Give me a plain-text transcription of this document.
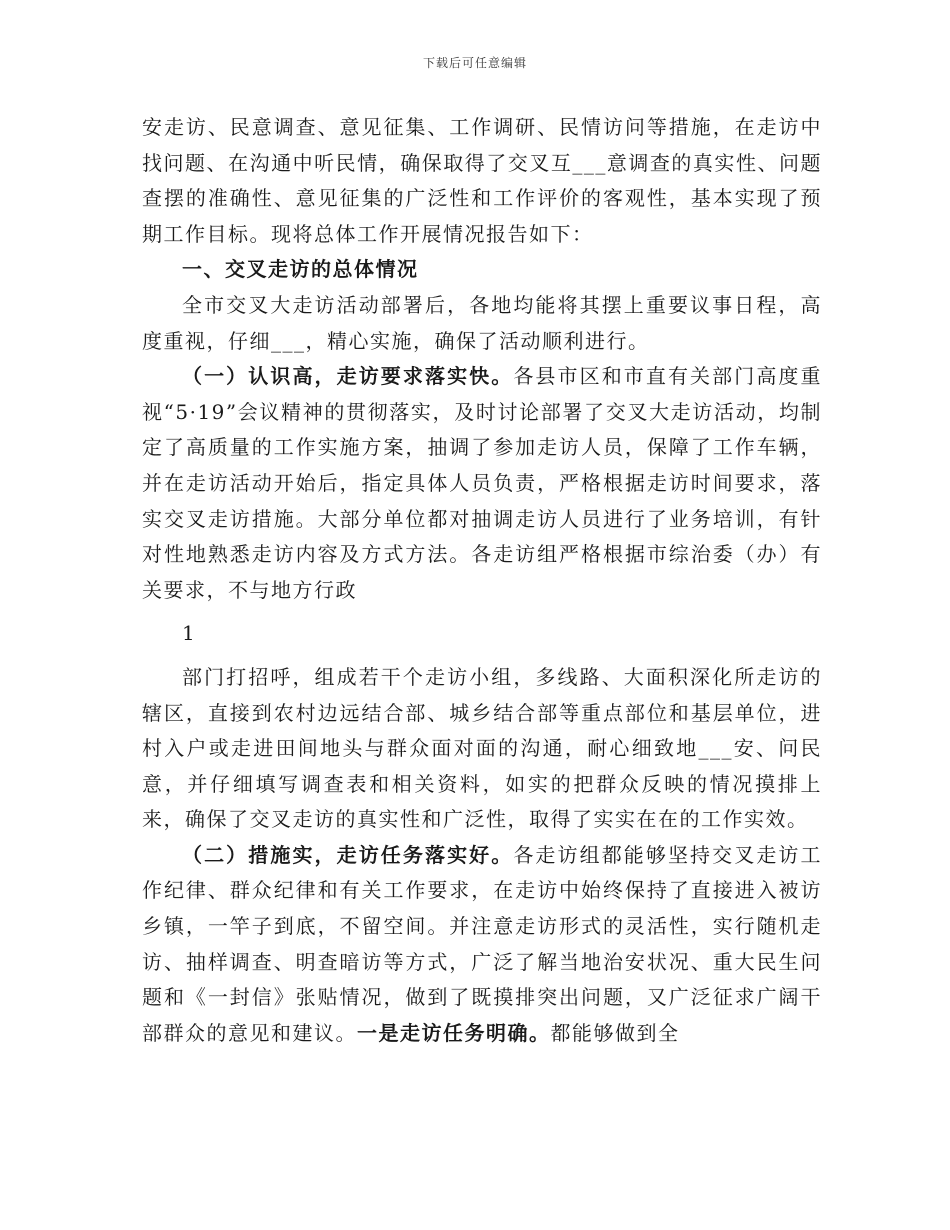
下载后可任意编辑

安走访、民意调查、意见征集、工作调研、民情访问等措施，在走访中找问题、在沟通中听民情，确保取得了交叉互___意调查的真实性、问题查摆的准确性、意见征集的广泛性和工作评价的客观性，基本实现了预期工作目标。现将总体工作开展情况报告如下：

一、交叉走访的总体情况

全市交叉大走访活动部署后，各地均能将其摆上重要议事日程，高度重视，仔细___，精心实施，确保了活动顺利进行。

（一）认识高，走访要求落实快。各县市区和市直有关部门高度重视“5·19”会议精神的贯彻落实，及时讨论部署了交叉大走访活动，均制定了高质量的工作实施方案，抽调了参加走访人员，保障了工作车辆，并在走访活动开始后，指定具体人员负责，严格根据走访时间要求，落实交叉走访措施。大部分单位都对抽调走访人员进行了业务培训，有针对性地熟悉走访内容及方式方法。各走访组严格根据市综治委（办）有关要求，不与地方行政

1

部门打招呼，组成若干个走访小组，多线路、大面积深化所走访的辖区，直接到农村边远结合部、城乡结合部等重点部位和基层单位，进村入户或走进田间地头与群众面对面的沟通，耐心细致地___安、问民意，并仔细填写调查表和相关资料，如实的把群众反映的情况摸排上来，确保了交叉走访的真实性和广泛性，取得了实实在在的工作实效。

（二）措施实，走访任务落实好。各走访组都能够坚持交叉走访工作纪律、群众纪律和有关工作要求，在走访中始终保持了直接进入被访乡镇，一竿子到底，不留空间。并注意走访形式的灵活性，实行随机走访、抽样调查、明查暗访等方式，广泛了解当地治安状况、重大民生问题和《一封信》张贴情况，做到了既摸排突出问题，又广泛征求广阔干部群众的意见和建议。一是走访任务明确。都能够做到全
